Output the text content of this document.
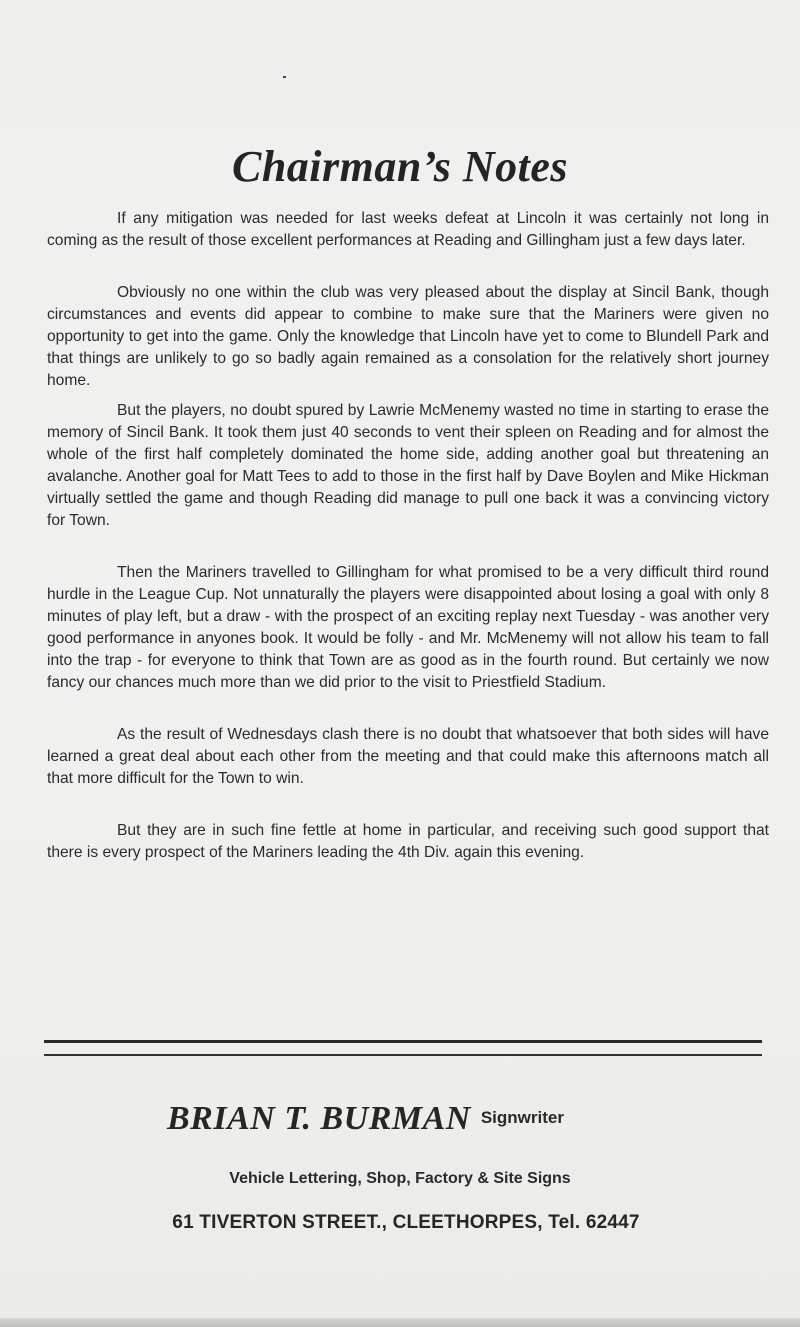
Chairman’s Notes

If any mitigation was needed for last weeks defeat at Lincoln it was certainly not long in coming as the result of those excellent performances at Reading and Gillingham just a few days later.

Obviously no one within the club was very pleased about the display at Sincil Bank, though circumstances and events did appear to combine to make sure that the Mariners were given no opportunity to get into the game. Only the knowledge that Lincoln have yet to come to Blundell Park and that things are unlikely to go so badly again remained as a consolation for the relatively short journey home.

But the players, no doubt spured by Lawrie McMenemy wasted no time in starting to erase the memory of Sincil Bank. It took them just 40 seconds to vent their spleen on Reading and for almost the whole of the first half completely dominated the home side, adding another goal but threatening an avalanche. Another goal for Matt Tees to add to those in the first half by Dave Boylen and Mike Hickman virtually settled the game and though Reading did manage to pull one back it was a convincing victory for Town.

Then the Mariners travelled to Gillingham for what promised to be a very difficult third round hurdle in the League Cup. Not unnaturally the players were disappointed about losing a goal with only 8 minutes of play left, but a draw - with the prospect of an exciting replay next Tuesday - was another very good performance in anyones book. It would be folly - and Mr. McMenemy will not allow his team to fall into the trap - for everyone to think that Town are as good as in the fourth round. But certainly we now fancy our chances much more than we did prior to the visit to Priestfield Stadium.

As the result of Wednesdays clash there is no doubt that whatsoever that both sides will have learned a great deal about each other from the meeting and that could make this afternoons match all that more difficult for the Town to win.

But they are in such fine fettle at home in particular, and receiving such good support that there is every prospect of the Mariners leading the 4th Div. again this evening.

BRIAN T. BURMAN Signwriter
Vehicle Lettering, Shop, Factory & Site Signs
61 TIVERTON STREET., CLEETHORPES, Tel. 62447
